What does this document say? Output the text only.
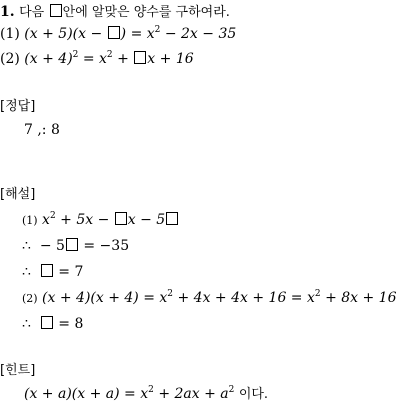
1. 다음 안에 알맞은 양수를 구하여라.
(1) (x + 5)(x − ) = $x^2 - 2x - 35$
(2) $(x + 4)^2 = x^2 + x + 16$
[정답]
7 ,: 8
[해설]
(1) $x^2 + 5x - x - 5$
∴ − 5 = −35
∴ = 7
(2) $(x + 4)(x + 4) = x^2 + 4x + 4x + 16 = x^2 + 8x + 16$
∴ = 8
[힌트]
$(x + a)(x + a) = x^2 + 2ax + a^2$ 이다.
